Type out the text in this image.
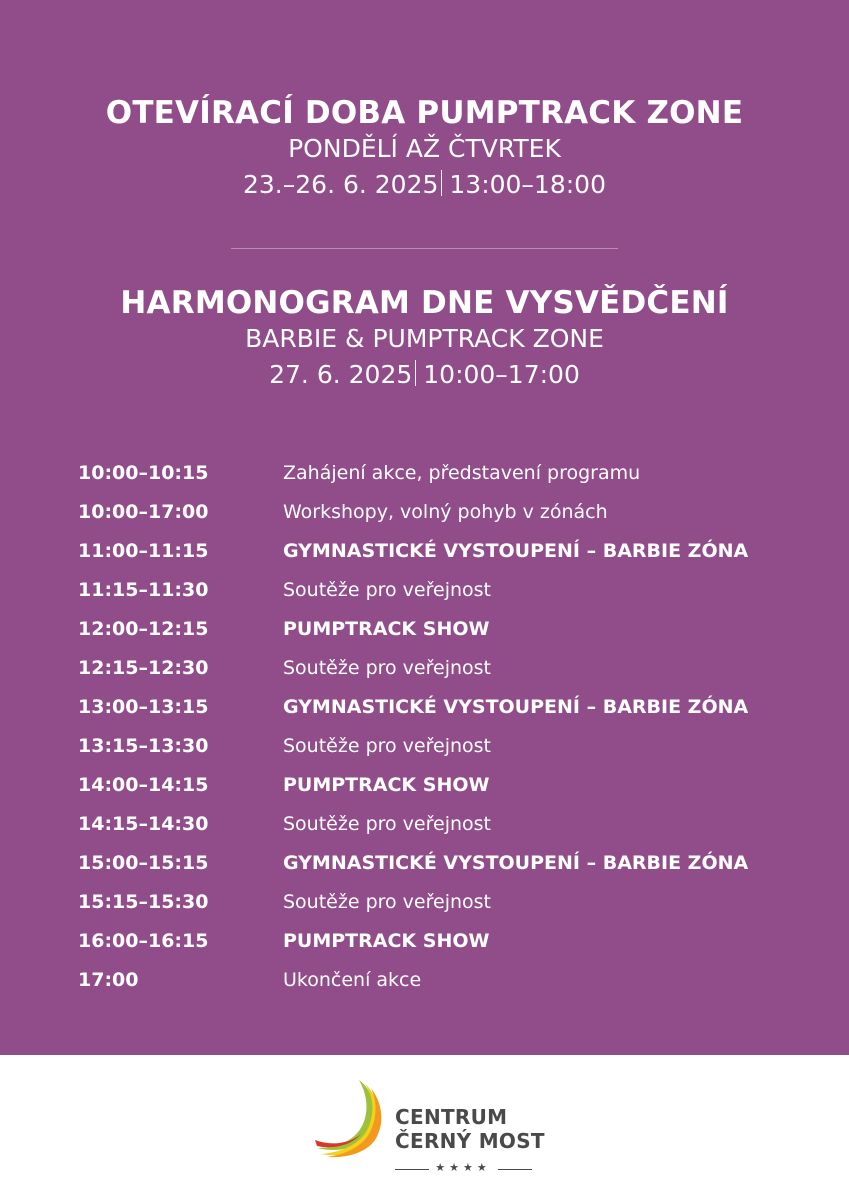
OTEVÍRACÍ DOBA PUMPTRACK ZONE
PONDĚLÍ AŽ ČTVRTEK
23.–26. 6. 2025 13:00–18:00
HARMONOGRAM DNE VYSVĚDČENÍ
BARBIE & PUMPTRACK ZONE
27. 6. 2025 10:00–17:00
10:00–10:15	Zahájení akce, představení programu
10:00–17:00	Workshopy, volný pohyb v zónách
11:00–11:15	GYMNASTICKÉ VYSTOUPENÍ – BARBIE ZÓNA
11:15–11:30	Soutěže pro veřejnost
12:00–12:15	PUMPTRACK SHOW
12:15–12:30	Soutěže pro veřejnost
13:00–13:15	GYMNASTICKÉ VYSTOUPENÍ – BARBIE ZÓNA
13:15–13:30	Soutěže pro veřejnost
14:00–14:15	PUMPTRACK SHOW
14:15–14:30	Soutěže pro veřejnost
15:00–15:15	GYMNASTICKÉ VYSTOUPENÍ – BARBIE ZÓNA
15:15–15:30	Soutěže pro veřejnost
16:00–16:15	PUMPTRACK SHOW
17:00	Ukončení akce
CENTRUM
ČERNÝ MOST
★★★★
